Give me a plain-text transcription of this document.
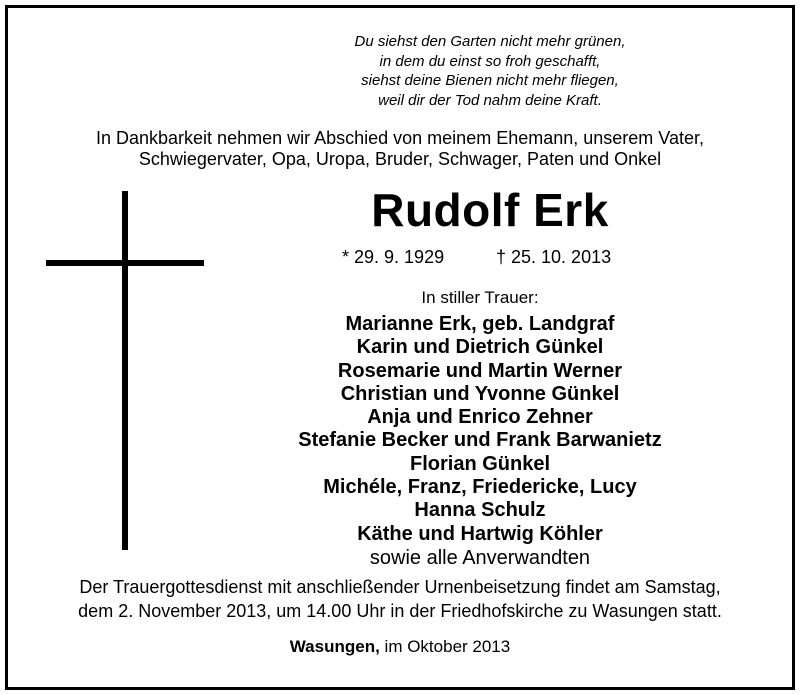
Du siehst den Garten nicht mehr grünen,
in dem du einst so froh geschafft,
siehst deine Bienen nicht mehr fliegen,
weil dir der Tod nahm deine Kraft.
In Dankbarkeit nehmen wir Abschied von meinem Ehemann, unserem Vater,
Schwiegervater, Opa, Uropa, Bruder, Schwager, Paten und Onkel
Rudolf Erk
* 29. 9. 1929	† 25. 10. 2013
In stiller Trauer:
Marianne Erk, geb. Landgraf
Karin und Dietrich Günkel
Rosemarie und Martin Werner
Christian und Yvonne Günkel
Anja und Enrico Zehner
Stefanie Becker und Frank Barwanietz
Florian Günkel
Michéle, Franz, Friedericke, Lucy
Hanna Schulz
Käthe und Hartwig Köhler
sowie alle Anverwandten
Der Trauergottesdienst mit anschließender Urnenbeisetzung findet am Samstag,
dem 2. November 2013, um 14.00 Uhr in der Friedhofskirche zu Wasungen statt.
Wasungen, im Oktober 2013
